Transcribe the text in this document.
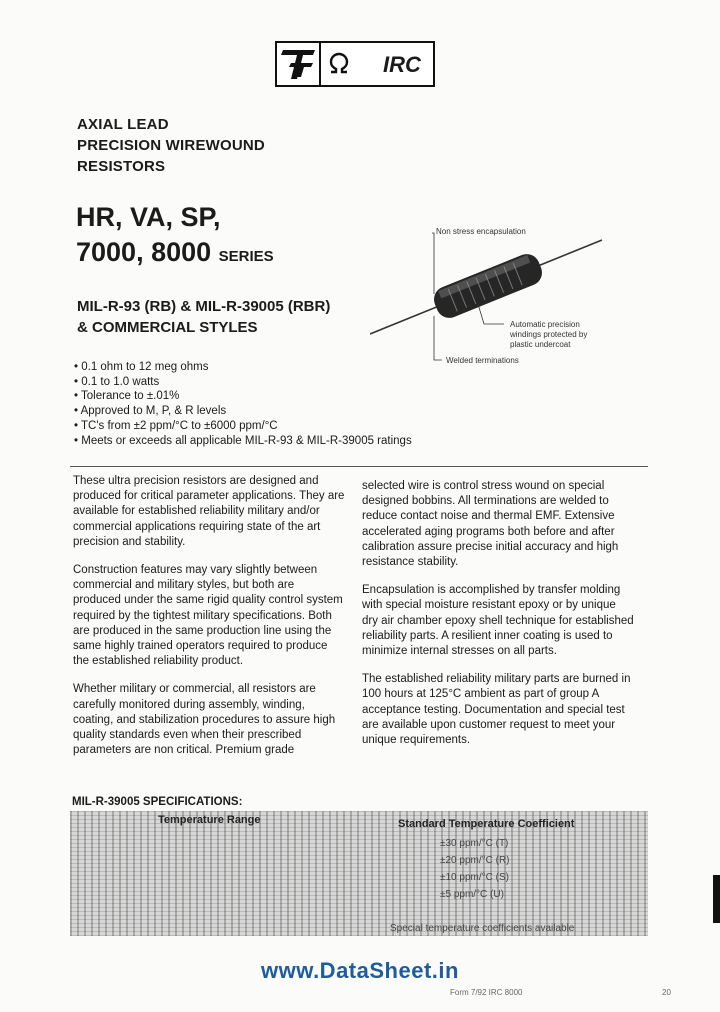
IRC
AXIAL LEAD
PRECISION WIREWOUND
RESISTORS
HR, VA, SP,
7000, 8000 SERIES
MIL-R-93 (RB) & MIL-R-39005 (RBR)
& COMMERCIAL STYLES
Non stress encapsulation
Automatic precision
windings protected by
plastic undercoat
Welded terminations
• 0.1 ohm to 12 meg ohms
• 0.1 to 1.0 watts
• Tolerance to ±.01%
• Approved to M, P, & R levels
• TC's from ±2 ppm/°C to ±6000 ppm/°C
• Meets or exceeds all applicable MIL-R-93 & MIL-R-39005 ratings

These ultra precision resistors are designed and produced for critical parameter applications. They are available for established reliability military and/or commercial applications requiring state of the art precision and stability.

Construction features may vary slightly between commercial and military styles, but both are produced under the same rigid quality control system required by the tightest military specifications. Both are produced in the same production line using the same highly trained operators required to produce the established reliability product.

Whether military or commercial, all resistors are carefully monitored during assembly, winding, coating, and stabilization procedures to assure high quality standards even when their prescribed parameters are non critical. Premium grade

selected wire is control stress wound on special designed bobbins. All terminations are welded to reduce contact noise and thermal EMF. Extensive accelerated aging programs both before and after calibration assure precise initial accuracy and high resistance stability.

Encapsulation is accomplished by transfer molding with special moisture resistant epoxy or by unique dry air chamber epoxy shell technique for established reliability parts. A resilient inner coating is used to minimize internal stresses on all parts.

The established reliability military parts are burned in 100 hours at 125°C ambient as part of group A acceptance testing. Documentation and special test are available upon customer request to meet your unique requirements.

MIL-R-39005 SPECIFICATIONS:
Temperature Range	Standard Temperature Coefficient
±30 ppm/°C (T)
±20 ppm/°C (R)
±10 ppm/°C (S)
±5 ppm/°C (U)
Special temperature coefficients available
www.DataSheet.in
Form 7/92 IRC 8000	20
